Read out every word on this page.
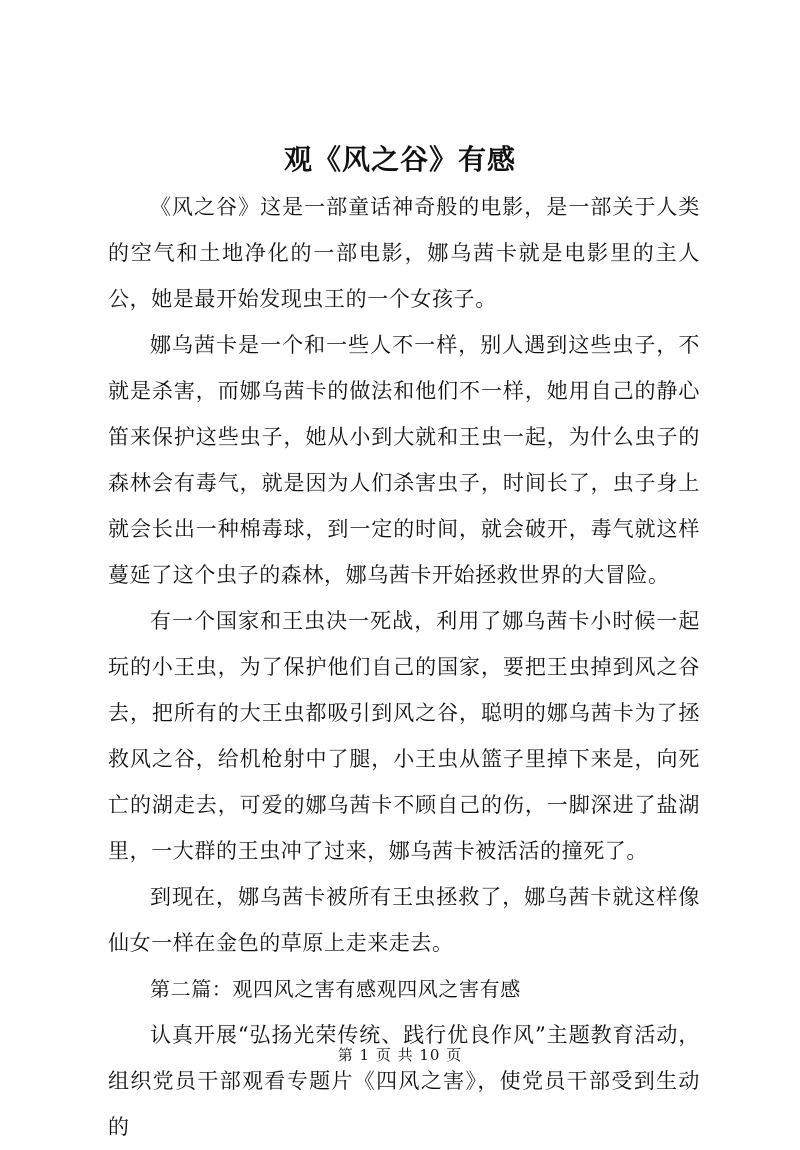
观《风之谷》有感

《风之谷》这是一部童话神奇般的电影，是一部关于人类的空气和土地净化的一部电影，娜乌茜卡就是电影里的主人公，她是最开始发现虫王的一个女孩子。

娜乌茜卡是一个和一些人不一样，别人遇到这些虫子，不就是杀害，而娜乌茜卡的做法和他们不一样，她用自己的静心笛来保护这些虫子，她从小到大就和王虫一起，为什么虫子的森林会有毒气，就是因为人们杀害虫子，时间长了，虫子身上就会长出一种棉毒球，到一定的时间，就会破开，毒气就这样蔓延了这个虫子的森林，娜乌茜卡开始拯救世界的大冒险。

有一个国家和王虫决一死战，利用了娜乌茜卡小时候一起玩的小王虫，为了保护他们自己的国家，要把王虫掉到风之谷去，把所有的大王虫都吸引到风之谷，聪明的娜乌茜卡为了拯救风之谷，给机枪射中了腿，小王虫从篮子里掉下来是，向死亡的湖走去，可爱的娜乌茜卡不顾自己的伤，一脚深进了盐湖里，一大群的王虫冲了过来，娜乌茜卡被活活的撞死了。

到现在，娜乌茜卡被所有王虫拯救了，娜乌茜卡就这样像仙女一样在金色的草原上走来走去。

第二篇：观四风之害有感观四风之害有感

认真开展“弘扬光荣传统、践行优良作风”主题教育活动，组织党员干部观看专题片《四风之害》，使党员干部受到生动的

第 1 页 共 10 页
